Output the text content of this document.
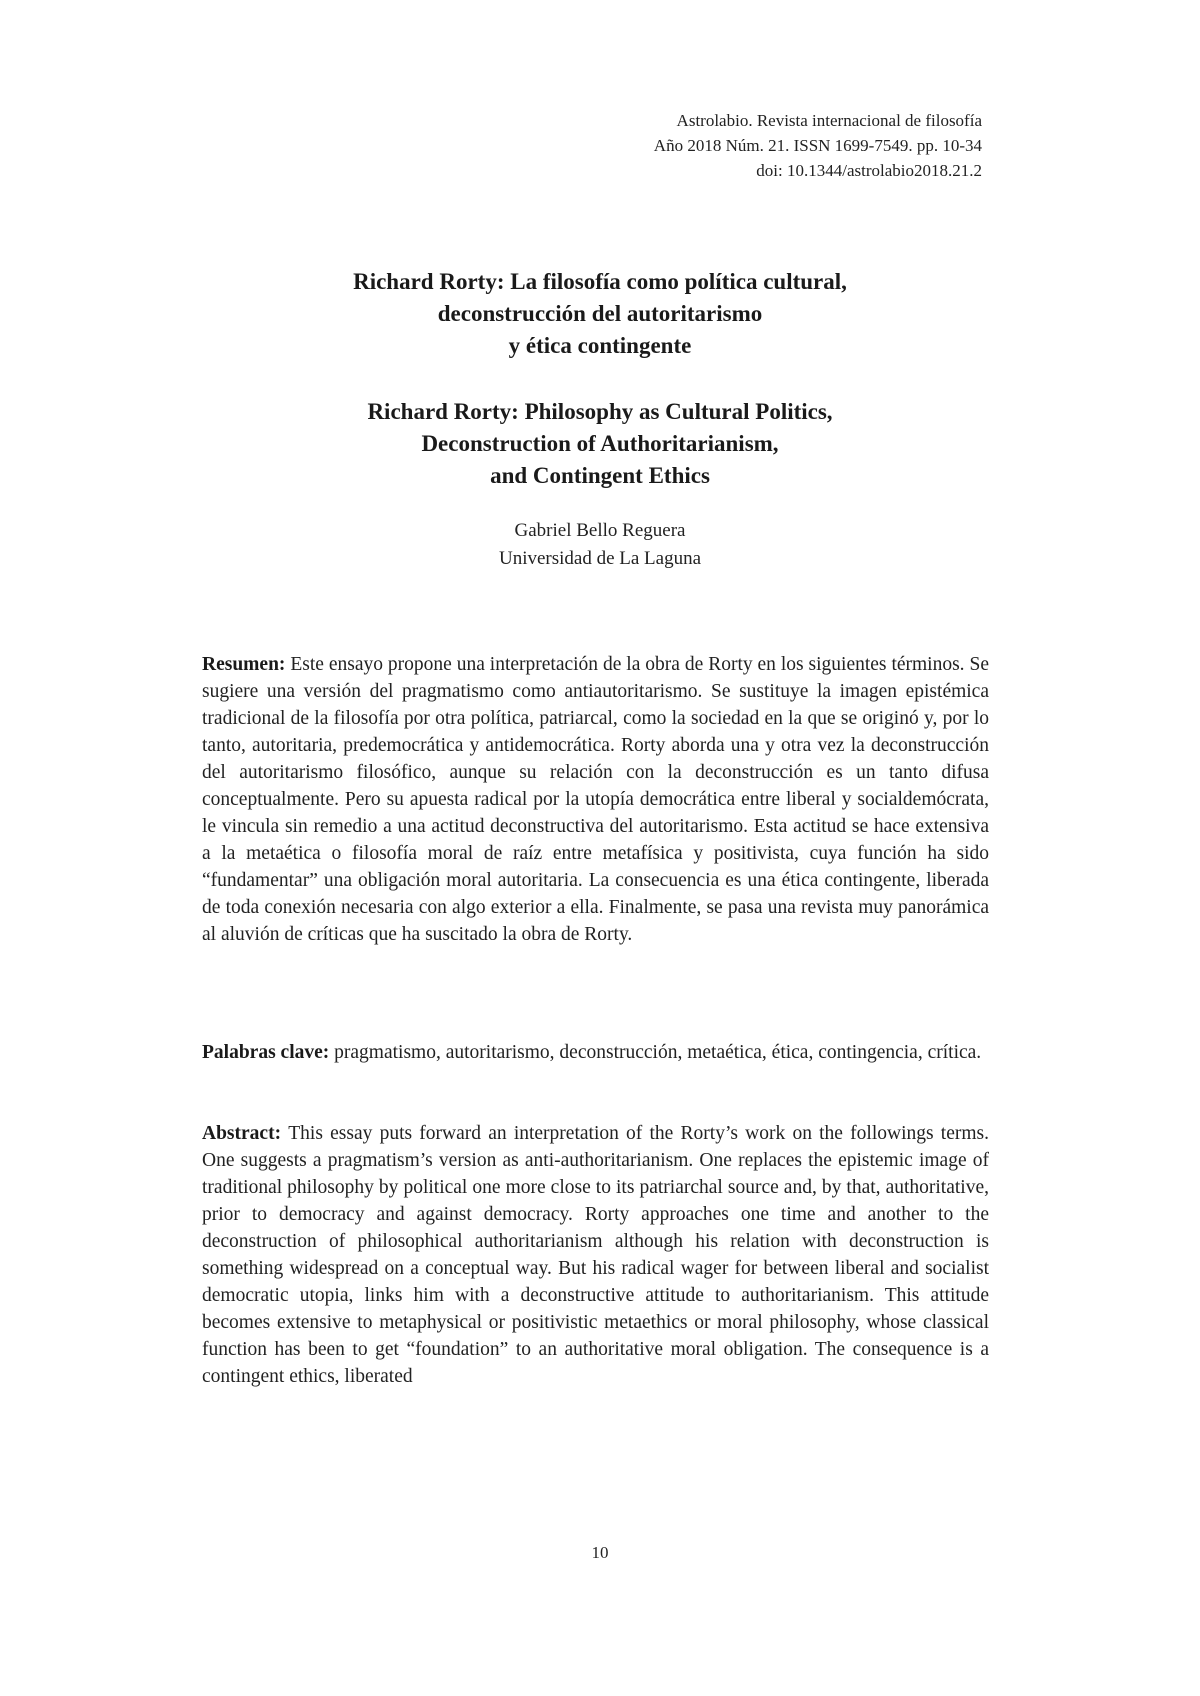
Astrolabio. Revista internacional de filosofía
Año 2018 Núm. 21. ISSN 1699-7549. pp. 10-34
doi: 10.1344/astrolabio2018.21.2
Richard Rorty: La filosofía como política cultural,
deconstrucción del autoritarismo
y ética contingente
Richard Rorty: Philosophy as Cultural Politics,
Deconstruction of Authoritarianism,
and Contingent Ethics
Gabriel Bello Reguera
Universidad de La Laguna
Resumen: Este ensayo propone una interpretación de la obra de Rorty en los siguientes términos. Se sugiere una versión del pragmatismo como antiautoritarismo. Se sustituye la imagen epistémica tradicional de la filosofía por otra política, patriarcal, como la sociedad en la que se originó y, por lo tanto, autoritaria, predemocrática y antidemocrática. Rorty aborda una y otra vez la deconstrucción del autoritarismo filosófico, aunque su relación con la deconstrucción es un tanto difusa conceptualmente. Pero su apuesta radical por la utopía democrática entre liberal y socialdemócrata, le vincula sin remedio a una actitud deconstructiva del autoritarismo. Esta actitud se hace extensiva a la metaética o filosofía moral de raíz entre metafísica y positivista, cuya función ha sido “fundamentar” una obligación moral autoritaria. La consecuencia es una ética contingente, liberada de toda conexión necesaria con algo exterior a ella. Finalmente, se pasa una revista muy panorámica al aluvión de críticas que ha suscitado la obra de Rorty.
Palabras clave: pragmatismo, autoritarismo, deconstrucción, metaética, ética, contingencia, crítica.
Abstract: This essay puts forward an interpretation of the Rorty’s work on the followings terms. One suggests a pragmatism’s version as anti-authoritarianism. One replaces the epistemic image of traditional philosophy by political one more close to its patriarchal source and, by that, authoritative, prior to democracy and against democracy. Rorty approaches one time and another to the deconstruction of philosophical authoritarianism although his relation with deconstruction is something widespread on a conceptual way. But his radical wager for between liberal and socialist democratic utopia, links him with a deconstructive attitude to authoritarianism. This attitude becomes extensive to metaphysical or positivistic metaethics or moral philosophy, whose classical function has been to get “foundation” to an authoritative moral obligation. The consequence is a contingent ethics, liberated
10
